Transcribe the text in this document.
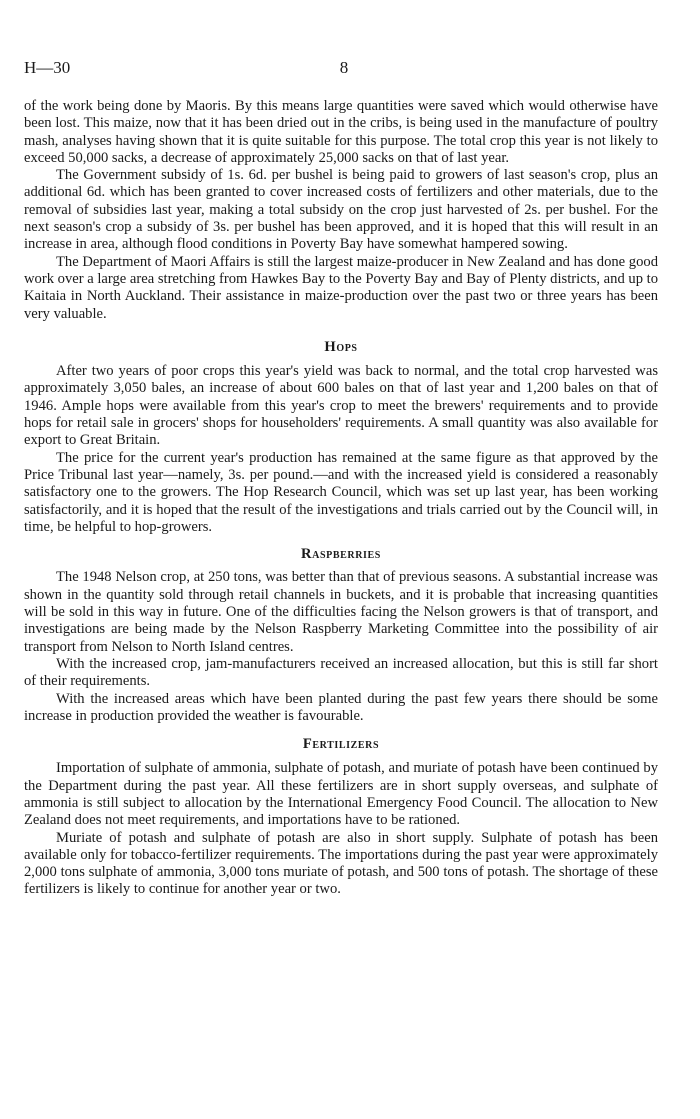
H—30	8

of the work being done by Maoris. By this means large quantities were saved which would otherwise have been lost. This maize, now that it has been dried out in the cribs, is being used in the manufacture of poultry mash, analyses having shown that it is quite suitable for this purpose. The total crop this year is not likely to exceed 50,000 sacks, a decrease of approximately 25,000 sacks on that of last year.

The Government subsidy of 1s. 6d. per bushel is being paid to growers of last season's crop, plus an additional 6d. which has been granted to cover increased costs of fertilizers and other materials, due to the removal of subsidies last year, making a total subsidy on the crop just harvested of 2s. per bushel. For the next season's crop a subsidy of 3s. per bushel has been approved, and it is hoped that this will result in an increase in area, although flood conditions in Poverty Bay have somewhat hampered sowing.

The Department of Maori Affairs is still the largest maize-producer in New Zealand and has done good work over a large area stretching from Hawkes Bay to the Poverty Bay and Bay of Plenty districts, and up to Kaitaia in North Auckland. Their assistance in maize-production over the past two or three years has been very valuable.

Hops

After two years of poor crops this year's yield was back to normal, and the total crop harvested was approximately 3,050 bales, an increase of about 600 bales on that of last year and 1,200 bales on that of 1946. Ample hops were available from this year's crop to meet the brewers' requirements and to provide hops for retail sale in grocers' shops for householders' requirements. A small quantity was also available for export to Great Britain.

The price for the current year's production has remained at the same figure as that approved by the Price Tribunal last year—namely, 3s. per pound.—and with the increased yield is considered a reasonably satisfactory one to the growers. The Hop Research Council, which was set up last year, has been working satisfactorily, and it is hoped that the result of the investigations and trials carried out by the Council will, in time, be helpful to hop-growers.

Raspberries

The 1948 Nelson crop, at 250 tons, was better than that of previous seasons. A substantial increase was shown in the quantity sold through retail channels in buckets, and it is probable that increasing quantities will be sold in this way in future. One of the difficulties facing the Nelson growers is that of transport, and investigations are being made by the Nelson Raspberry Marketing Committee into the possibility of air transport from Nelson to North Island centres.

With the increased crop, jam-manufacturers received an increased allocation, but this is still far short of their requirements.

With the increased areas which have been planted during the past few years there should be some increase in production provided the weather is favourable.

Fertilizers

Importation of sulphate of ammonia, sulphate of potash, and muriate of potash have been continued by the Department during the past year. All these fertilizers are in short supply overseas, and sulphate of ammonia is still subject to allocation by the International Emergency Food Council. The allocation to New Zealand does not meet requirements, and importations have to be rationed.

Muriate of potash and sulphate of potash are also in short supply. Sulphate of potash has been available only for tobacco-fertilizer requirements. The importations during the past year were approximately 2,000 tons sulphate of ammonia, 3,000 tons muriate of potash, and 500 tons of potash. The shortage of these fertilizers is likely to continue for another year or two.
